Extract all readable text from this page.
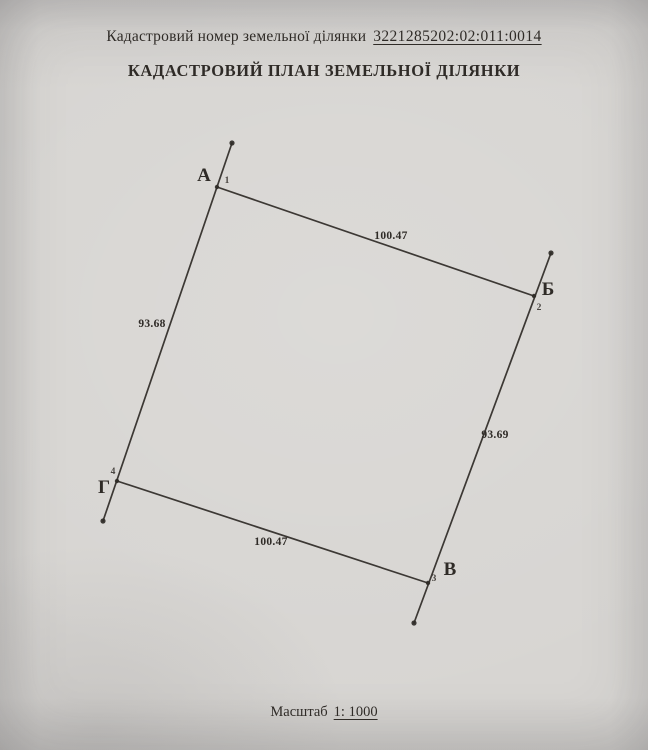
Кадастровий номер земельної ділянки 3221285202:02:011:0014
КАДАСТРОВИЙ ПЛАН ЗЕМЕЛЬНОЇ ДІЛЯНКИ
А
Б
В
Г
1
2
3
4
100.47
93.69
100.47
93.68
Масштаб 1: 1000
